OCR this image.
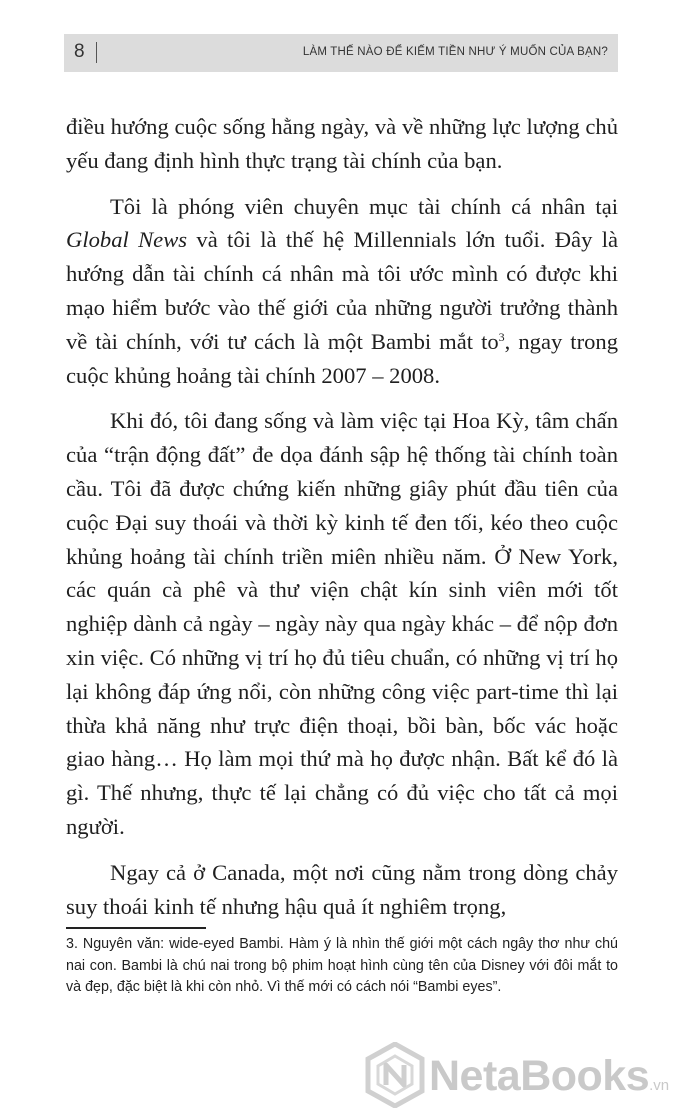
8	LÀM THẾ NÀO ĐỂ KIẾM TIỀN NHƯ Ý MUỐN CỦA BẠN?

điều hướng cuộc sống hằng ngày, và về những lực lượng chủ yếu đang định hình thực trạng tài chính của bạn.

Tôi là phóng viên chuyên mục tài chính cá nhân tại Global News và tôi là thế hệ Millennials lớn tuổi. Đây là hướng dẫn tài chính cá nhân mà tôi ước mình có được khi mạo hiểm bước vào thế giới của những người trưởng thành về tài chính, với tư cách là một Bambi mắt to$^3$, ngay trong cuộc khủng hoảng tài chính 2007 – 2008.

Khi đó, tôi đang sống và làm việc tại Hoa Kỳ, tâm chấn của “trận động đất” đe dọa đánh sập hệ thống tài chính toàn cầu. Tôi đã được chứng kiến những giây phút đầu tiên của cuộc Đại suy thoái và thời kỳ kinh tế đen tối, kéo theo cuộc khủng hoảng tài chính triền miên nhiều năm. Ở New York, các quán cà phê và thư viện chật kín sinh viên mới tốt nghiệp dành cả ngày – ngày này qua ngày khác – để nộp đơn xin việc. Có những vị trí họ đủ tiêu chuẩn, có những vị trí họ lại không đáp ứng nổi, còn những công việc part-time thì lại thừa khả năng như trực điện thoại, bồi bàn, bốc vác hoặc giao hàng… Họ làm mọi thứ mà họ được nhận. Bất kể đó là gì. Thế nhưng, thực tế lại chẳng có đủ việc cho tất cả mọi người.

Ngay cả ở Canada, một nơi cũng nằm trong dòng chảy suy thoái kinh tế nhưng hậu quả ít nghiêm trọng,

3. Nguyên văn: wide-eyed Bambi. Hàm ý là nhìn thế giới một cách ngây thơ như chú nai con. Bambi là chú nai trong bộ phim hoạt hình cùng tên của Disney với đôi mắt to và đẹp, đặc biệt là khi còn nhỏ. Vì thế mới có cách nói “Bambi eyes”.
NetaBooks.vn
